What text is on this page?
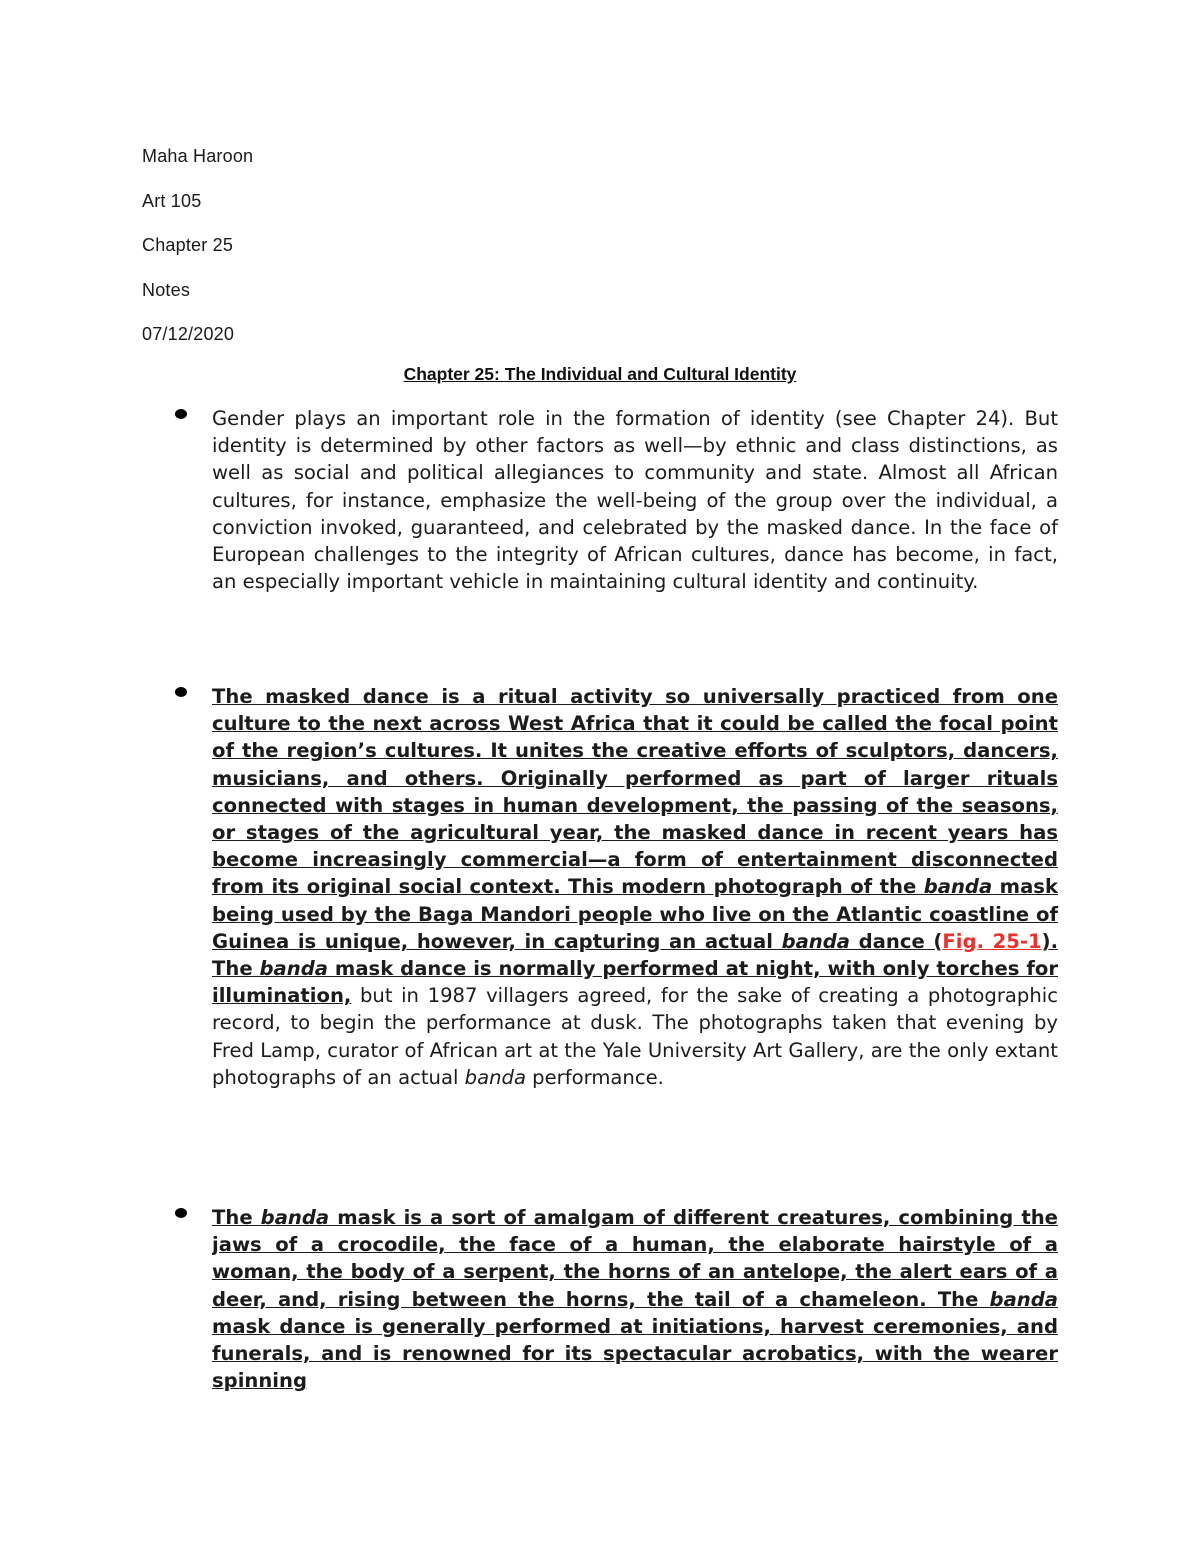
Maha Haroon
Art 105
Chapter 25
Notes
07/12/2020
Chapter 25: The Individual and Cultural Identity
Gender plays an important role in the formation of identity (see Chapter 24). But identity is determined by other factors as well—by ethnic and class distinctions, as well as social and political allegiances to community and state. Almost all African cultures, for instance, emphasize the well-being of the group over the individual, a conviction invoked, guaranteed, and celebrated by the masked dance. In the face of European challenges to the integrity of African cultures, dance has become, in fact, an especially important vehicle in maintaining cultural identity and continuity.
The masked dance is a ritual activity so universally practiced from one culture to the next across West Africa that it could be called the focal point of the region’s cultures. It unites the creative efforts of sculptors, dancers, musicians, and others. Originally performed as part of larger rituals connected with stages in human development, the passing of the seasons, or stages of the agricultural year, the masked dance in recent years has become increasingly commercial—a form of entertainment disconnected from its original social context. This modern photograph of the banda mask being used by the Baga Mandori people who live on the Atlantic coastline of Guinea is unique, however, in capturing an actual banda dance (Fig. 25-1). The banda mask dance is normally performed at night, with only torches for illumination, but in 1987 villagers agreed, for the sake of creating a photographic record, to begin the performance at dusk. The photographs taken that evening by Fred Lamp, curator of African art at the Yale University Art Gallery, are the only extant photographs of an actual banda performance.
The banda mask is a sort of amalgam of different creatures, combining the jaws of a crocodile, the face of a human, the elaborate hairstyle of a woman, the body of a serpent, the horns of an antelope, the alert ears of a deer, and, rising between the horns, the tail of a chameleon. The banda mask dance is generally performed at initiations, harvest ceremonies, and funerals, and is renowned for its spectacular acrobatics, with the wearer spinning
